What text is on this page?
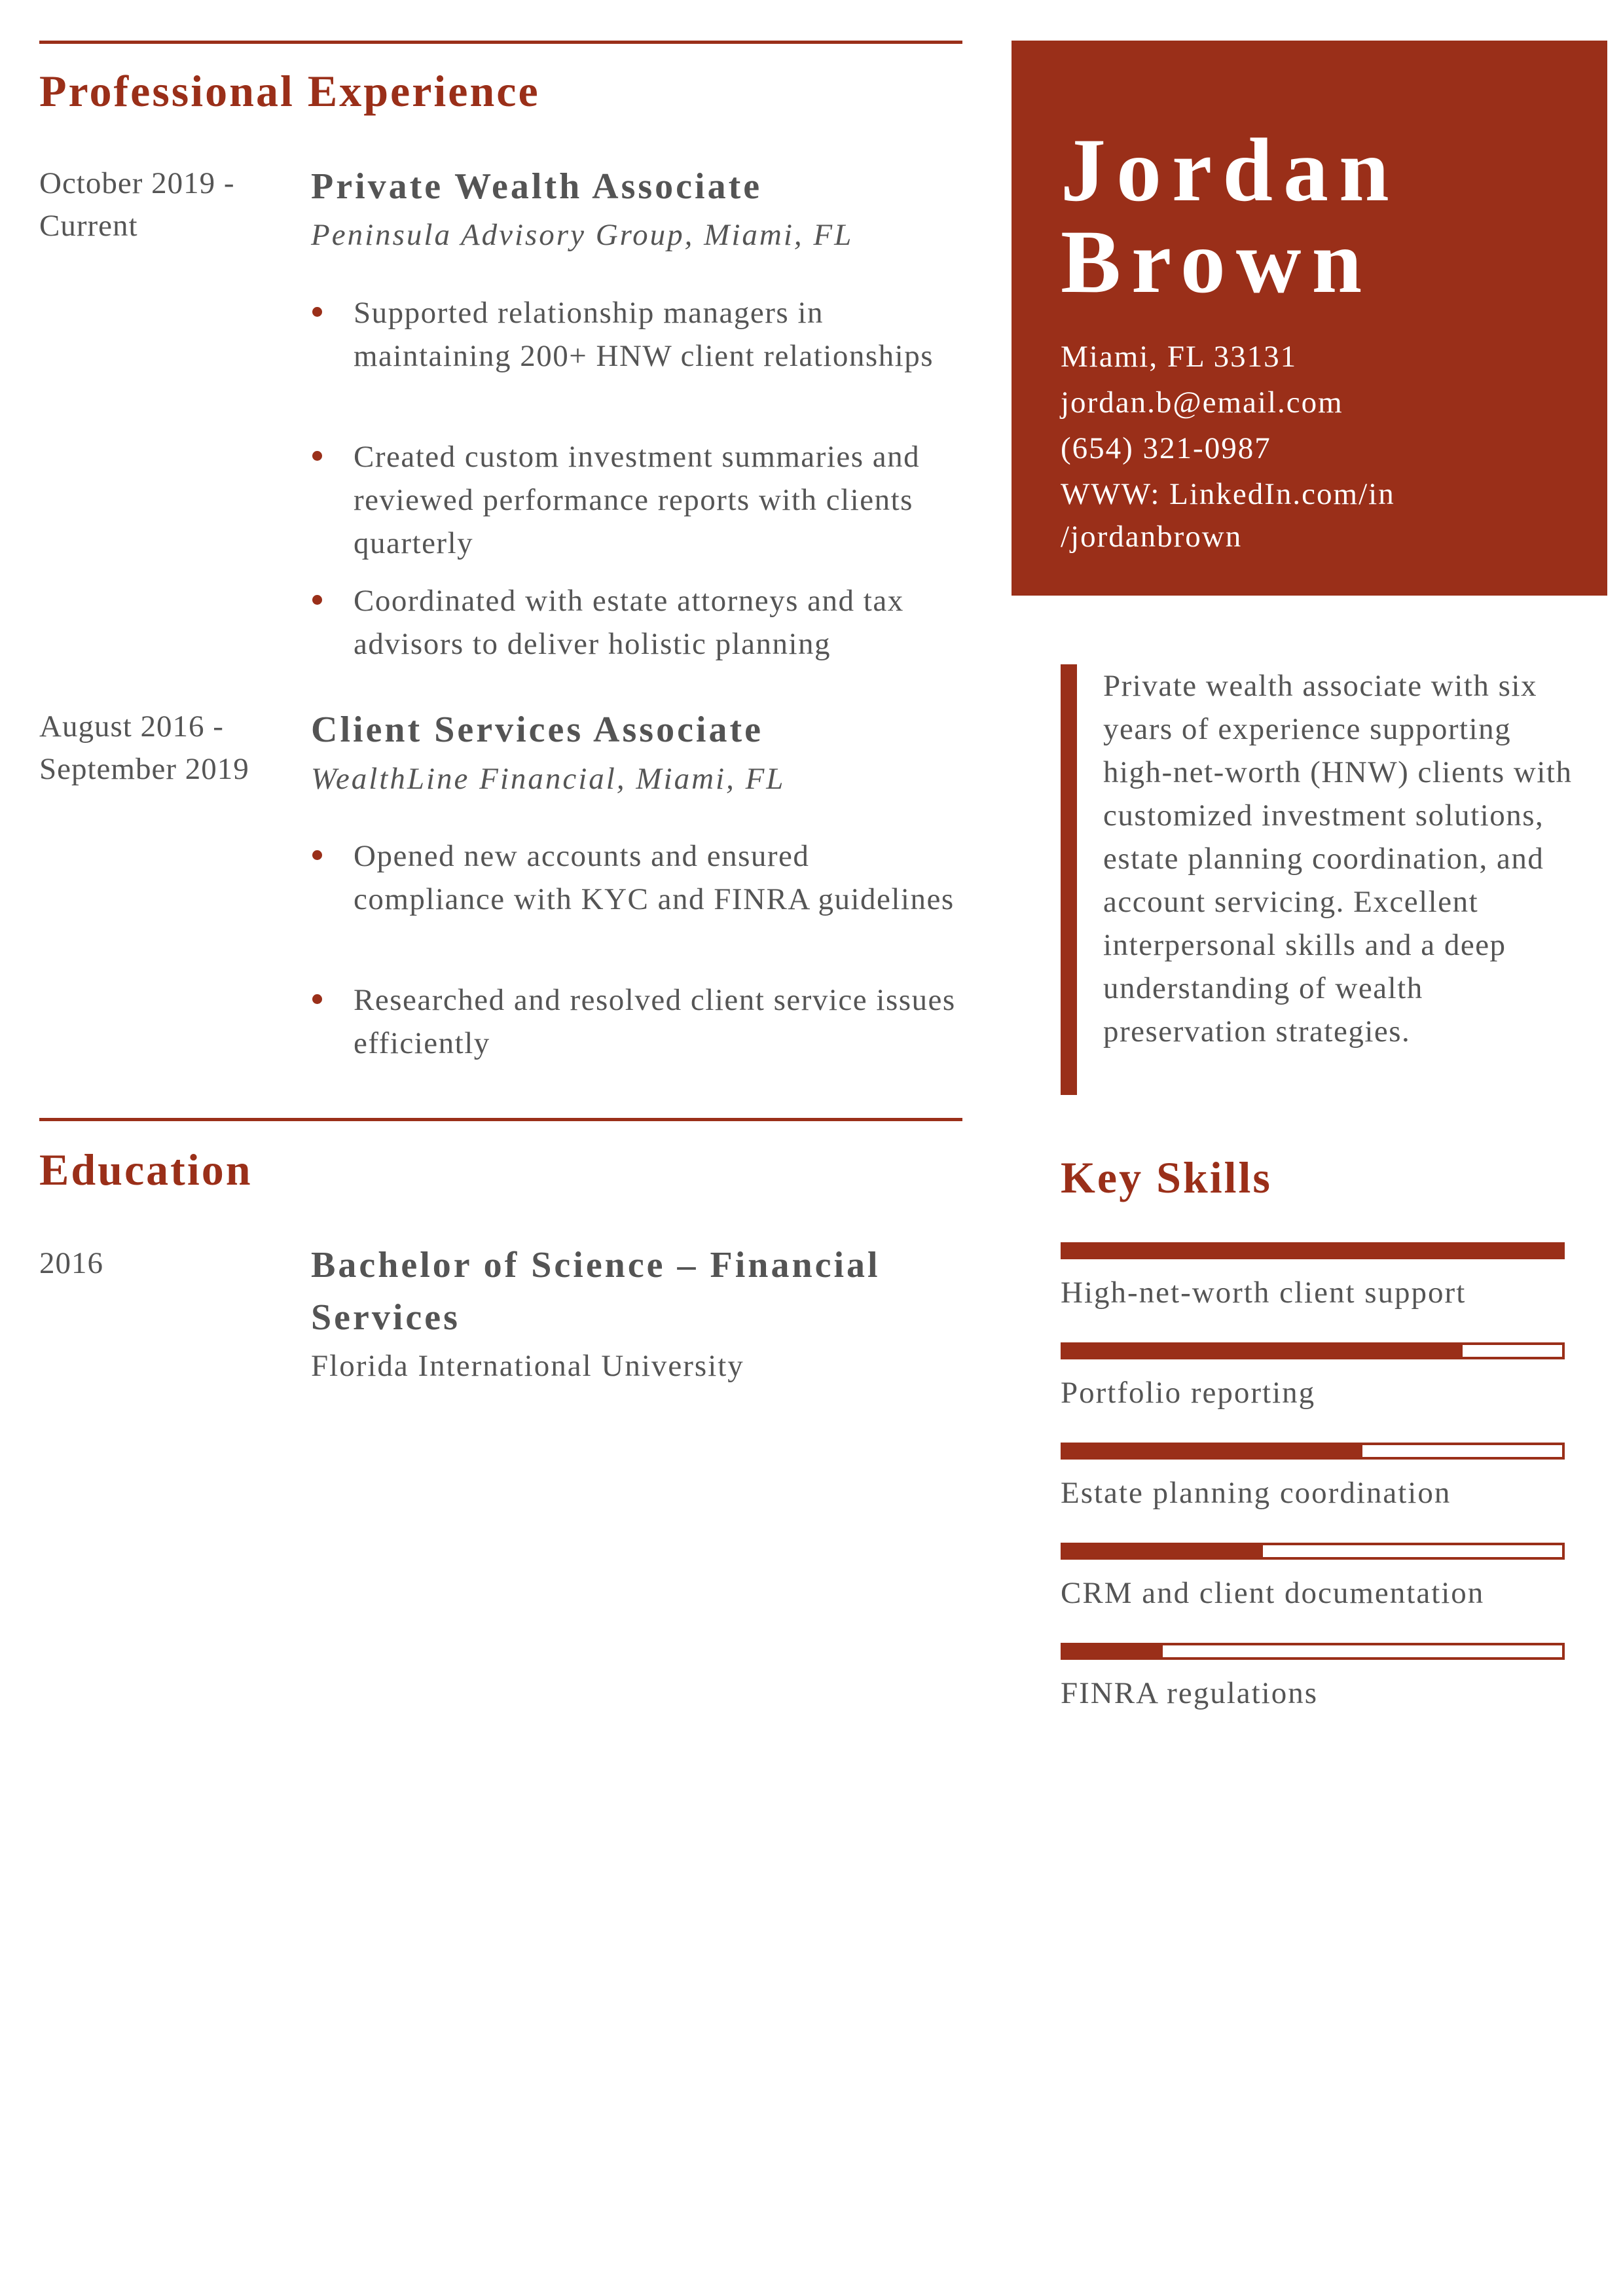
Professional Experience
October 2019 - Current
Private Wealth Associate
Peninsula Advisory Group, Miami, FL
Supported relationship managers in maintaining 200+ HNW client relationships
Created custom investment summaries and reviewed performance reports with clients quarterly
Coordinated with estate attorneys and tax advisors to deliver holistic planning
August 2016 - September 2019
Client Services Associate
WealthLine Financial, Miami, FL
Opened new accounts and ensured compliance with KYC and FINRA guidelines
Researched and resolved client service issues efficiently
Education
2016	Bachelor of Science – Financial Services
Florida International University
Jordan
Brown
Miami, FL 33131
jordan.b@email.com
(654) 321-0987
WWW: LinkedIn.com/in
/jordanbrown
Private wealth associate with six years of experience supporting high-net-worth (HNW) clients with customized investment solutions, estate planning coordination, and account servicing. Excellent interpersonal skills and a deep understanding of wealth preservation strategies.
Key Skills
High-net-worth client support
Portfolio reporting
Estate planning coordination
CRM and client documentation
FINRA regulations
